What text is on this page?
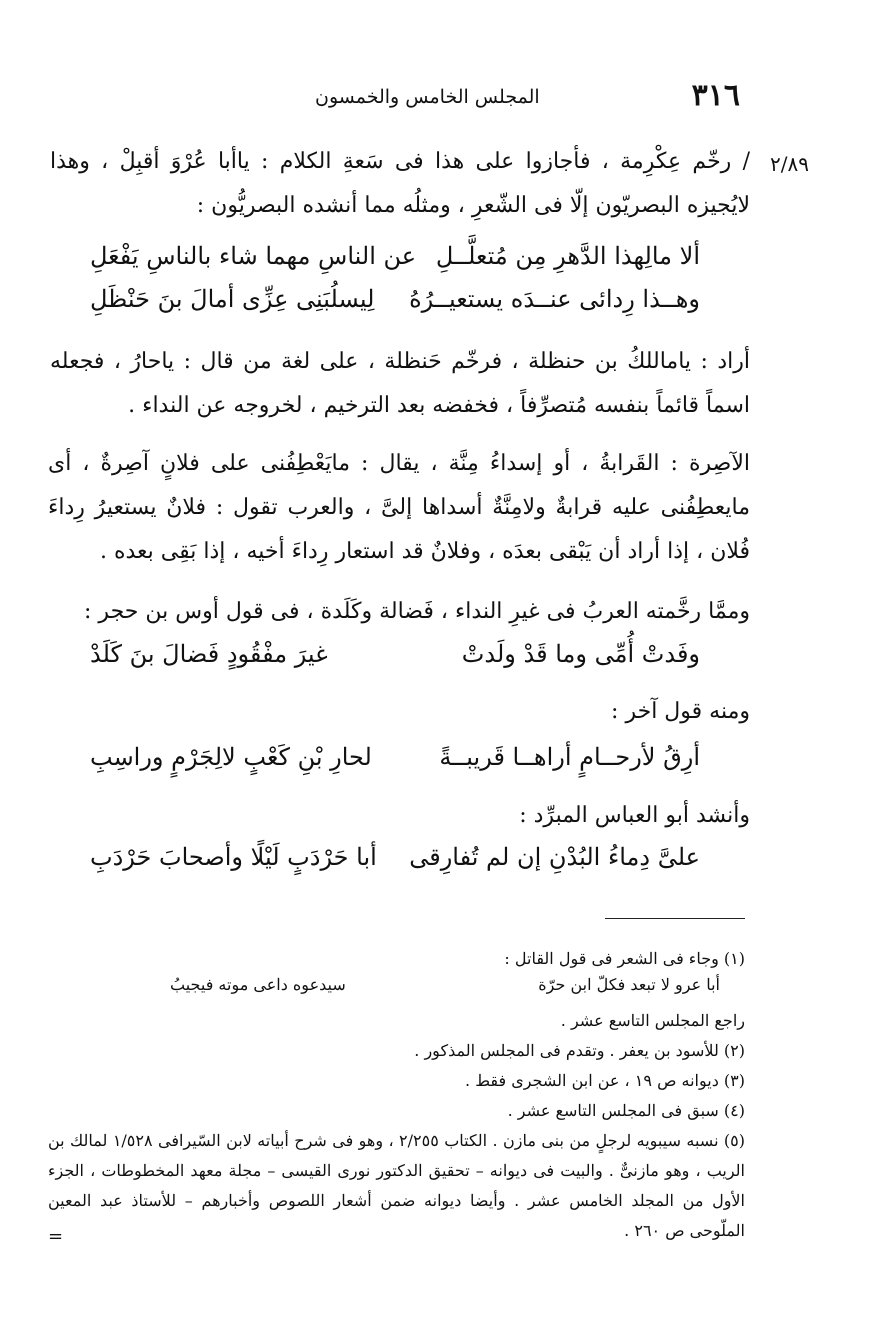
المجلس الخامس والخمسون	٣١٦
٢/٨٩

/ رخّم عِكْرِمة ، فأجازوا على هذا فى سَعةِ الكلام : ياأبا عُرْوَ أقبِلْ ، وهذا لايُجيزه البصريّون إلّا فى الشّعرِ ، ومثلُه مما أنشده البصريُّون :

ألا مالِهذا الدَّهرِ مِن مُتعلَّــلِ
عن الناسِ مهما شاء بالناسِ يَفْعَلِ
وهــذا رِدائى عنــدَه يستعيــرُهُ
لِيسلُبَنِى عِزِّى أمالَ بنَ حَنْظَلِ

أراد : ياماللكُ بن حنظلة ، فرخّم حَنظلة ، على لغة من قال : ياحارُ ، فجعله اسماً قائماً بنفسه مُتصرِّفاً ، فخفضه بعد الترخيم ، لخروجه عن النداء .

الآصِرة : القَرابةُ ، أو إسداءُ مِنَّة ، يقال : مايَعْطِفُنى على فلانٍ آصِرةٌ ، أى مايعطِفُنى عليه قرابةٌ ولامِنَّةٌ أسداها إلىَّ ، والعرب تقول : فلانٌ يستعيرُ رِداءَ فُلان ، إذا أراد أن يَبْقى بعدَه ، وفلانٌ قد استعار رِداءَ أخيه ، إذا بَقِى بعده .

وممَّا رخَّمته العربُ فى غيرِ النداء ، فَضالة وكَلَدة ، فى قول أوس بن حجر :

وفَدتْ أُمِّى وما قَدْ ولَدتْ
غيرَ مفْقُودٍ فَضالَ بنَ كَلَدْ

ومنه قول آخر :

أرِقُ لأرحــامٍ أراهــا قَريبــةً
لحارِ بْنِ كَعْبٍ لالِجَرْمٍ وراسِبِ

وأنشد أبو العباس المبرِّد :

علىَّ دِماءُ البُدْنِ إن لم تُفارِقى
أبا حَرْدَبٍ لَيْلًا وأصحابَ حَرْدَبِ

(١) وجاء فى الشعر فى قول القاتل :

أبا عرو لا تبعد فكلّ ابن حرّة
سيدعوه داعى موته فيجيبُ

راجع المجلس التاسع عشر .

(٢) للأسود بن يعفر . وتقدم فى المجلس المذكور .

(٣) ديوانه ص ١٩ ، عن ابن الشجرى فقط .

(٤) سبق فى المجلس التاسع عشر .

(٥) نسبه سيبويه لرجلٍ من بنى مازن . الكتاب ٢/٢٥٥ ، وهو فى شرح أبياته لابن السّيرافى ١/٥٢٨ لمالك بن الريب ، وهو مازنىٌّ . والبيت فى ديوانه – تحقيق الدكتور نورى القيسى – مجلة معهد المخطوطات ، الجزء الأول من المجلد الخامس عشر . وأيضا ديوانه ضمن أشعار اللصوص وأخبارهم – للأستاذ عبد المعين الملّوحى ص ٢٦٠ .

=
